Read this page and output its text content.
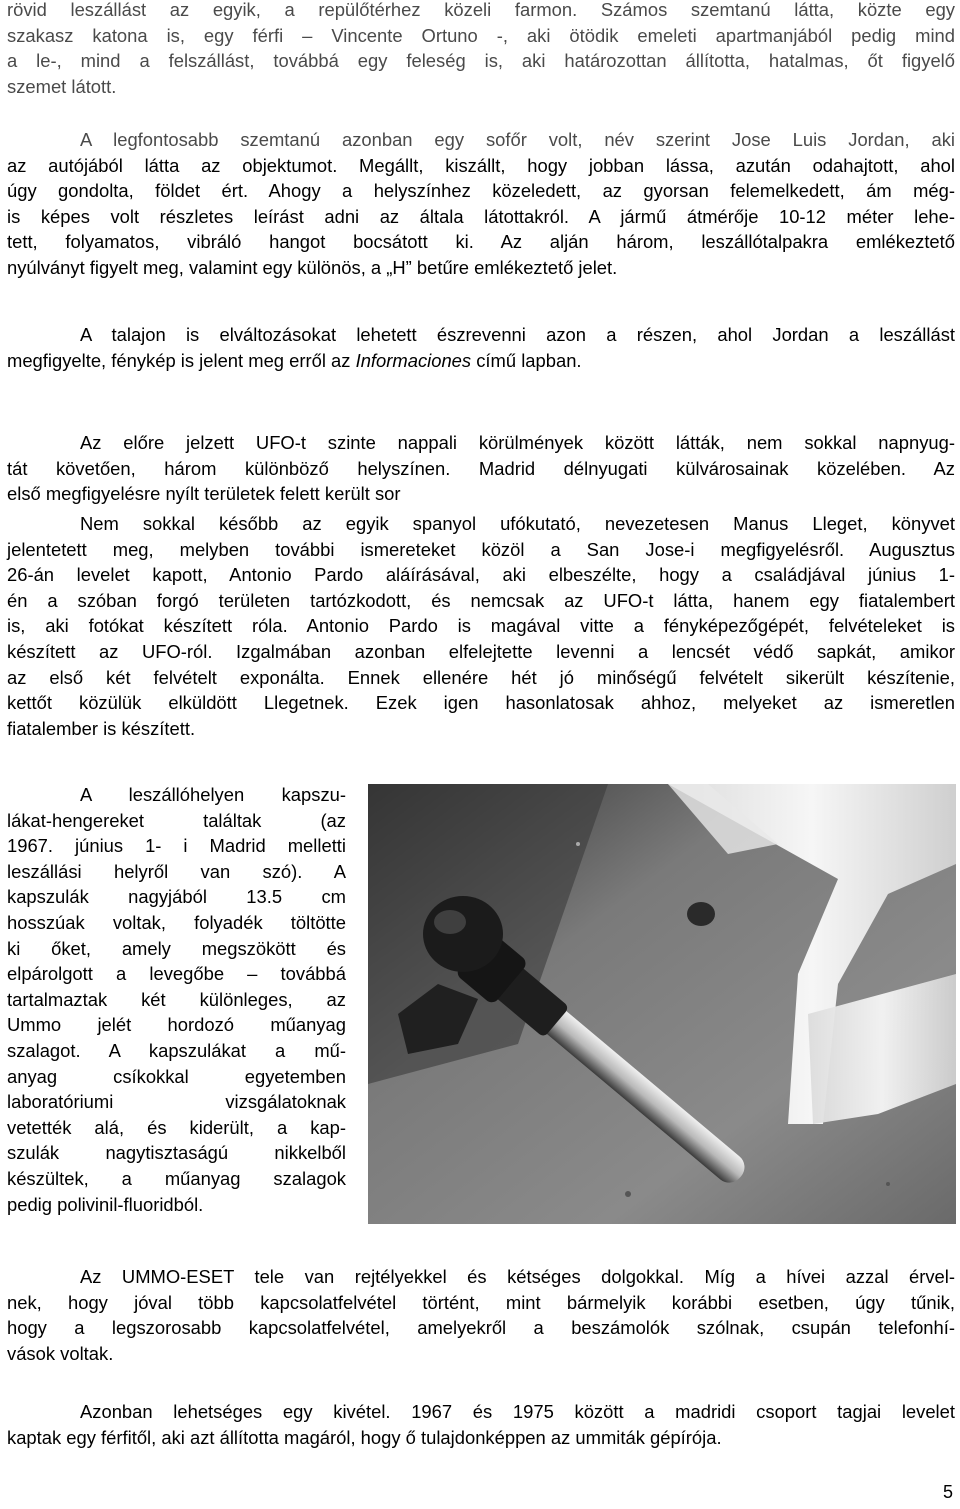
rövid leszállást az egyik, a repülőtérhez közeli farmon. Számos szemtanú látta, közte egy
szakasz katona is, egy férfi – Vincente Ortuno -, aki ötödik emeleti apartmanjából pedig mind
a le-, mind a felszállást, továbbá egy feleség is, aki határozottan állította, hatalmas, őt figyelő
szemet látott.
A legfontosabb szemtanú azonban egy sofőr volt, név szerint Jose Luis Jordan, aki
az autójából látta az objektumot. Megállt, kiszállt, hogy jobban lássa, azután odahajtott, ahol
úgy gondolta, földet ért. Ahogy a helyszínhez közeledett, az gyorsan felemelkedett, ám még-
is képes volt részletes leírást adni az általa látottakról. A jármű átmérője 10-12 méter lehe-
tett, folyamatos, vibráló hangot bocsátott ki. Az alján három, leszállótalpakra emlékeztető
nyúlványt figyelt meg, valamint egy különös, a „H” betűre emlékeztető jelet.
A talajon is elváltozásokat lehetett észrevenni azon a részen, ahol Jordan a leszállást
megfigyelte, fénykép is jelent meg erről az Informaciones című lapban.
Az előre jelzett UFO-t szinte nappali körülmények között látták, nem sokkal napnyug-
tát követően, három különböző helyszínen. Madrid délnyugati külvárosainak közelében. Az
első megfigyelésre nyílt területek felett került sor
Nem sokkal később az egyik spanyol ufókutató, nevezetesen Manus Lleget, könyvet
jelentetett meg, melyben további ismereteket közöl a San Jose-i megfigyelésről. Augusztus
26-án levelet kapott, Antonio Pardo aláírásával, aki elbeszélte, hogy a családjával június 1-
én a szóban forgó területen tartózkodott, és nemcsak az UFO-t látta, hanem egy fiatalembert
is, aki fotókat készített róla. Antonio Pardo is magával vitte a fényképezőgépét, felvételeket is
készített az UFO-ról. Izgalmában azonban elfelejtette levenni a lencsét védő sapkát, amikor
az első két felvételt exponálta. Ennek ellenére hét jó minőségű felvételt sikerült készítenie,
kettőt közülük elküldött Llegetnek. Ezek igen hasonlatosak ahhoz, melyeket az ismeretlen
fiatalember is készített.
A leszállóhelyen kapszu-
lákat-hengereket találtak (az
1967. június 1- i Madrid melletti
leszállási helyről van szó). A
kapszulák nagyjából 13.5 cm
hosszúak voltak, folyadék töltötte
ki őket, amely megszökött és
elpárolgott a levegőbe – továbbá
tartalmaztak két különleges, az
Ummo jelét hordozó műanyag
szalagot. A kapszulákat a mű-
anyag csíkokkal egyetemben
laboratóriumi vizsgálatoknak
vetették alá, és kiderült, a kap-
szulák nagytisztaságú nikkelből
készültek, a műanyag szalagok
pedig polivinil-fluoridból.
Az UMMO-ESET tele van rejtélyekkel és kétséges dolgokkal. Míg a hívei azzal érvel-
nek, hogy jóval több kapcsolatfelvétel történt, mint bármelyik korábbi esetben, úgy tűnik,
hogy a legszorosabb kapcsolatfelvétel, amelyekről a beszámolók szólnak, csupán telefonhí-
vások voltak.
Azonban lehetséges egy kivétel. 1967 és 1975 között a madridi csoport tagjai levelet
kaptak egy férfitől, aki azt állította magáról, hogy ő tulajdonképpen az ummiták gépírója.
5
